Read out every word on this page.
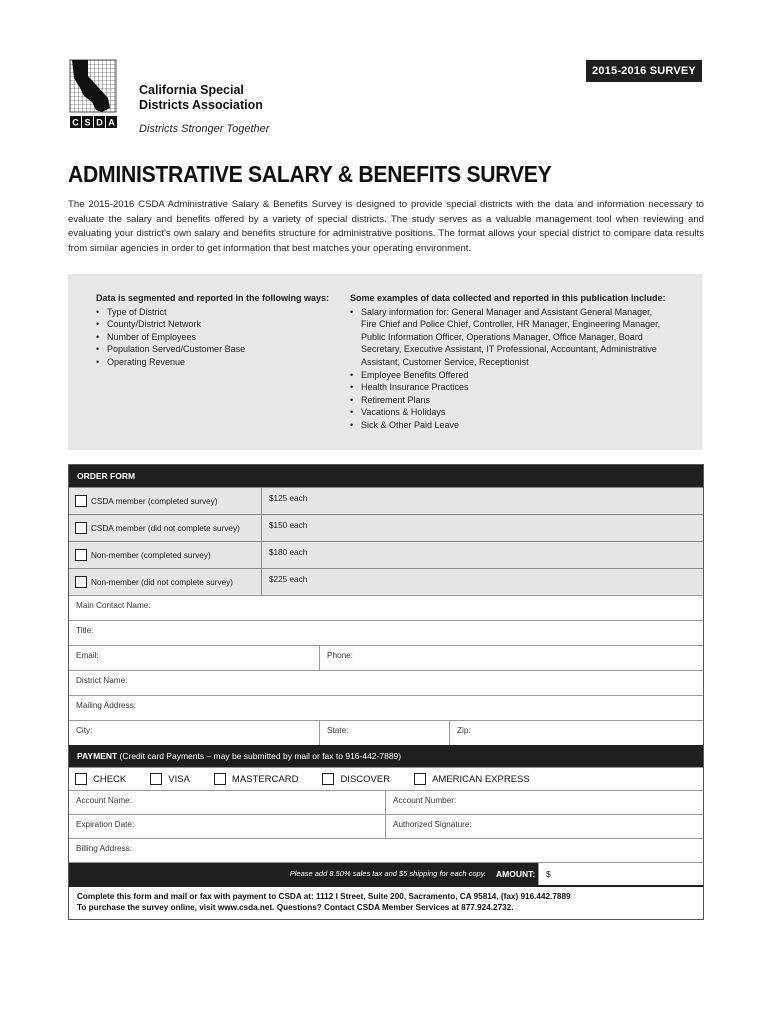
2015-2016 SURVEY
C S D A
California Special
Districts Association
Districts Stronger Together
ADMINISTRATIVE SALARY & BENEFITS SURVEY
The 2015-2016 CSDA Administrative Salary & Benefits Survey is designed to provide special districts with the data and information necessary to evaluate the salary and benefits offered by a variety of special districts. The study serves as a valuable management tool when reviewing and evaluating your district's own salary and benefits structure for administrative positions. The format allows your special district to compare data results from similar agencies in order to get information that best matches your operating environment.
Data is segmented and reported in the following ways:
• Type of District
• County/District Network
• Number of Employees
• Population Served/Customer Base
• Operating Revenue
Some examples of data collected and reported in this publication include:
• Salary information for: General Manager and Assistant General Manager, Fire Chief and Police Chief, Controller, HR Manager, Engineering Manager, Public Information Officer, Operations Manager, Office Manager, Board Secretary, Executive Assistant, IT Professional, Accountant, Administrative Assistant, Customer Service, Receptionist
• Employee Benefits Offered
• Health Insurance Practices
• Retirement Plans
• Vacations & Holidays
• Sick & Other Paid Leave
ORDER FORM
CSDA member (completed survey)	$125 each
CSDA member (did not complete survey)	$150 each
Non-member (completed survey)	$180 each
Non-member (did not complete survey)	$225 each
Main Contact Name:
Title:
Email:	Phone:
District Name:
Mailing Address:
City:	State:	Zip:
PAYMENT (Credit card Payments – may be submitted by mail or fax to 916-442-7889)
CHECK	VISA	MASTERCARD	DISCOVER	AMERICAN EXPRESS
Account Name:	Account Number:
Expiration Date:	Authorized Signature:
Billing Address:
Please add 8.50% sales tax and $5 shipping for each copy.	AMOUNT:	$
Complete this form and mail or fax with payment to CSDA at: 1112 I Street, Suite 200, Sacramento, CA 95814, (fax) 916.442.7889
To purchase the survey online, visit www.csda.net. Questions? Contact CSDA Member Services at 877.924.2732.
